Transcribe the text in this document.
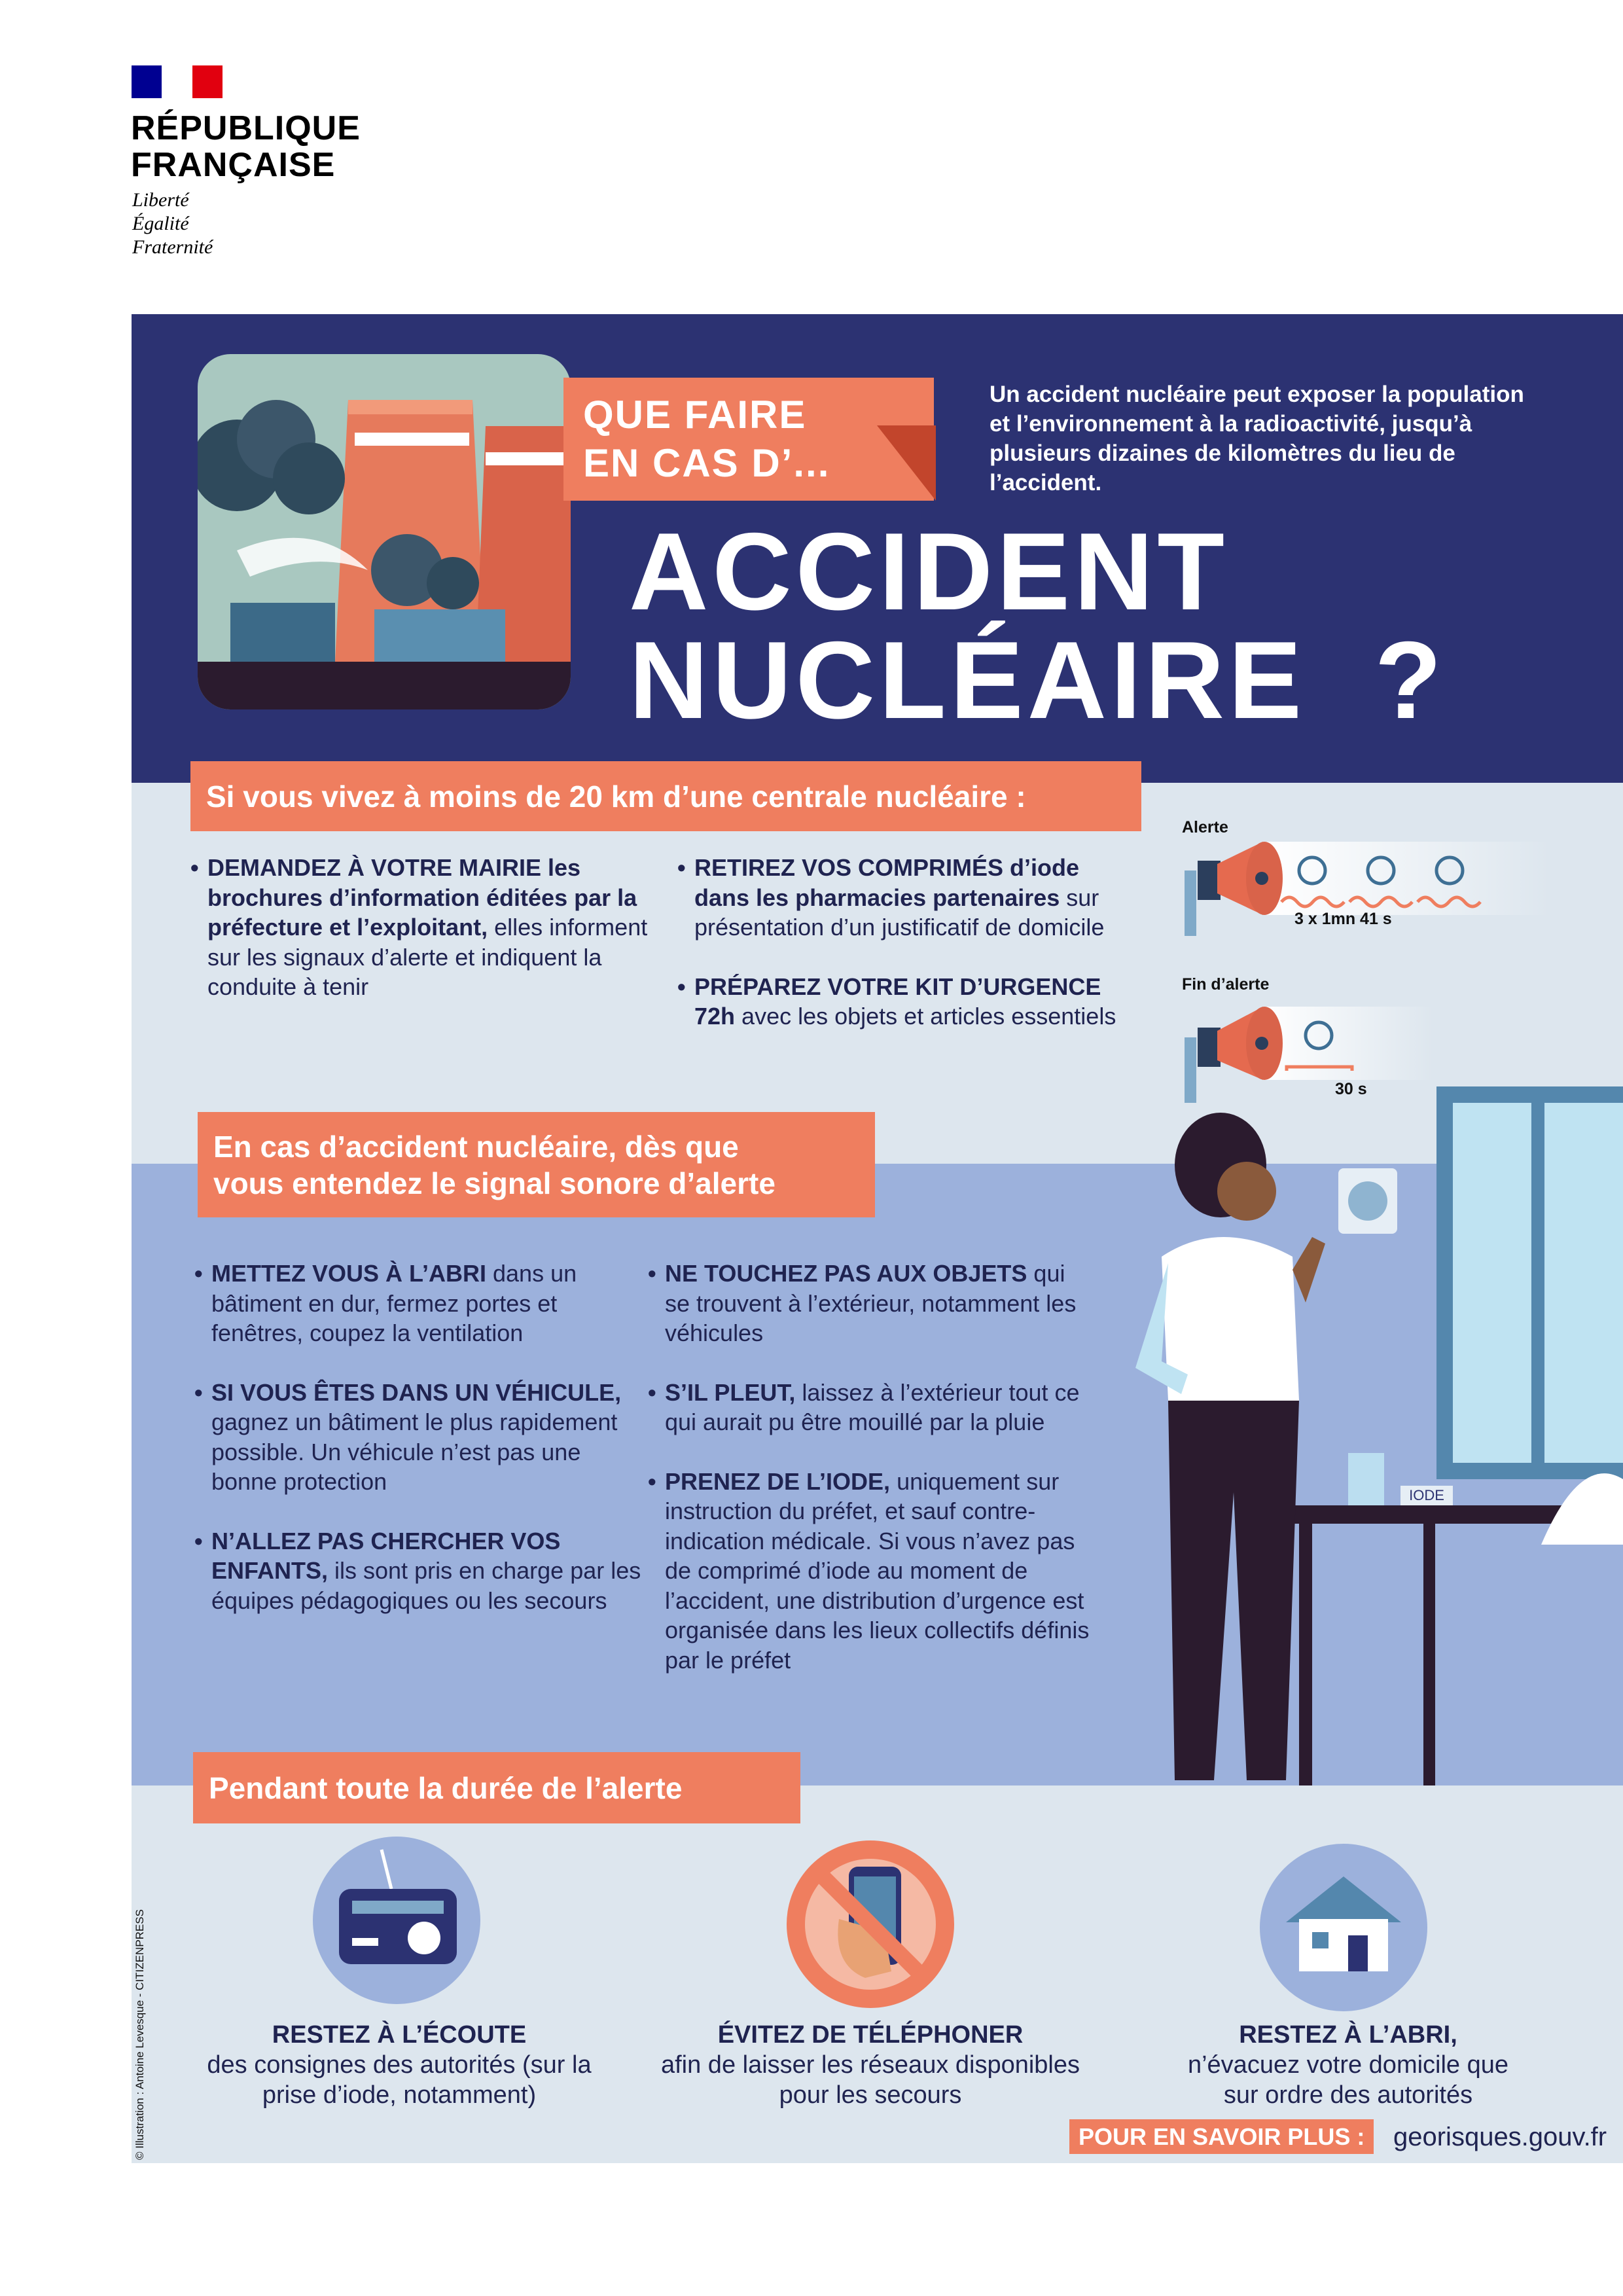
RÉPUBLIQUE
FRANÇAISE
Liberté
Égalité
Fraternité
QUE FAIRE
EN CAS D’...
Un accident nucléaire peut exposer la population et l’environnement à la radioactivité, jusqu’à plusieurs dizaines de kilomètres du lieu de l’accident.
ACCIDENT
NUCLÉAIRE  ?
Si vous vivez à moins de 20 km d’une centrale nucléaire :
• DEMANDEZ À VOTRE MAIRIE les brochures d’information éditées par la préfecture et l’exploitant, elles informent sur les signaux d’alerte et indiquent la conduite à tenir
• RETIREZ VOS COMPRIMÉS d’iode dans les pharmacies partenaires sur présentation d’un justificatif de domicile
• PRÉPAREZ VOTRE KIT D’URGENCE 72h avec les objets et articles essentiels
Alerte
3 x 1mn 41 s
Fin d’alerte
30 s
En cas d’accident nucléaire, dès que
vous entendez le signal sonore d’alerte
• METTEZ VOUS À L’ABRI dans un bâtiment en dur, fermez portes et fenêtres, coupez la ventilation
• SI VOUS ÊTES DANS UN VÉHICULE, gagnez un bâtiment le plus rapidement possible. Un véhicule n’est pas une bonne protection
• N’ALLEZ PAS CHERCHER VOS ENFANTS, ils sont pris en charge par les équipes pédagogiques ou les secours
• NE TOUCHEZ PAS AUX OBJETS qui se trouvent à l’extérieur, notamment les véhicules
• S’IL PLEUT, laissez à l’extérieur tout ce qui aurait pu être mouillé par la pluie
• PRENEZ DE L’IODE, uniquement sur instruction du préfet, et sauf contre-indication médicale. Si vous n’avez pas de comprimé d’iode au moment de l’accident, une distribution d’urgence est organisée dans les lieux collectifs définis par le préfet
IODE
Pendant toute la durée de l’alerte
RESTEZ À L’ÉCOUTE
des consignes des autorités (sur la prise d’iode, notamment)
ÉVITEZ DE TÉLÉPHONER
afin de laisser les réseaux disponibles pour les secours
RESTEZ À L’ABRI,
n’évacuez votre domicile que sur ordre des autorités
POUR EN SAVOIR PLUS :	georisques.gouv.fr
© Illustration : Antoine Levesque - CITIZENPRESS
